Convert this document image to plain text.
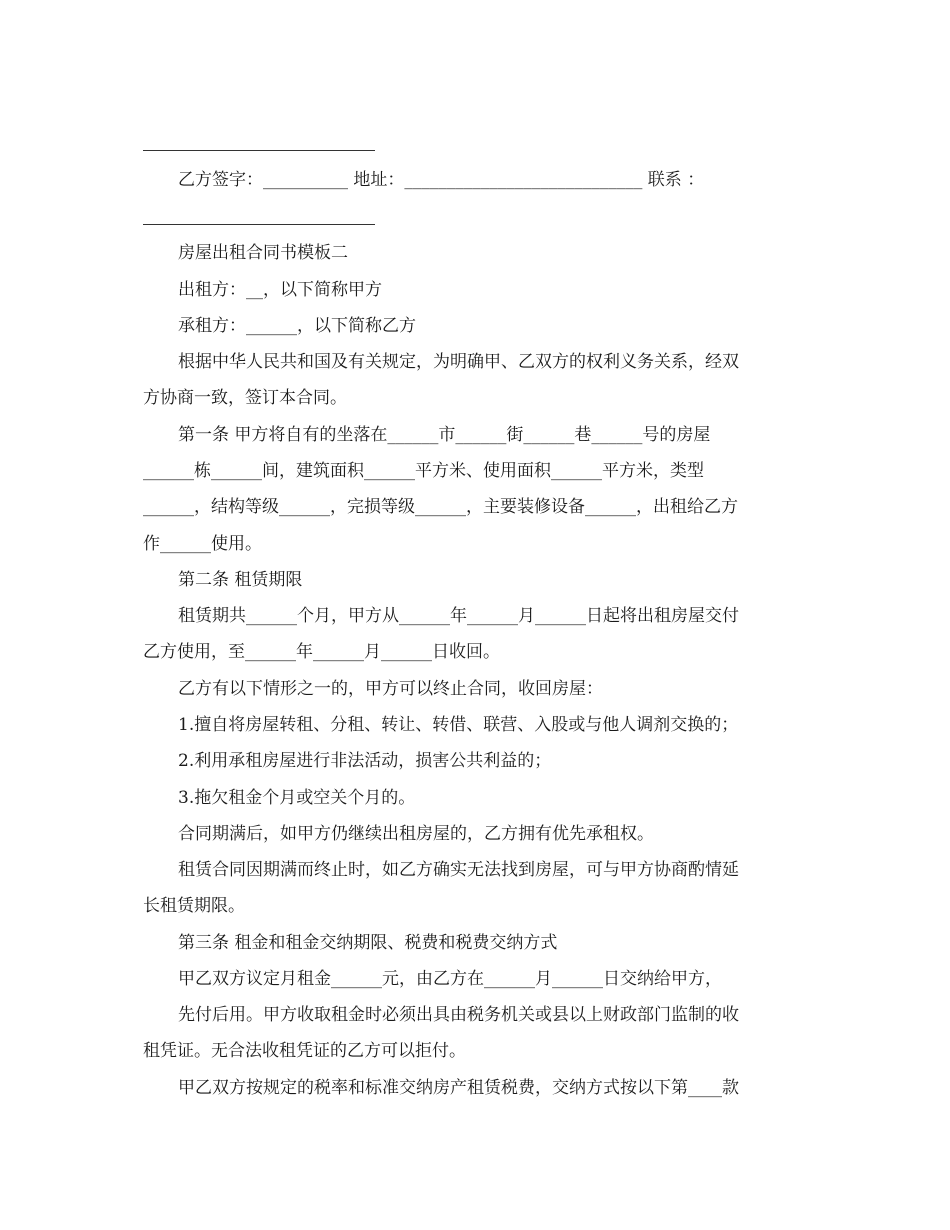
乙方签字：__________ 地址：____________________________ 联系 ：
房屋出租合同书模板二
出租方：__，以下简称甲方
承租方：______，以下简称乙方
根据中华人民共和国及有关规定，为明确甲、乙双方的权利义务关系，经双
方协商一致，签订本合同。
第一条 甲方将自有的坐落在______市______街______巷______号的房屋
______栋______间，建筑面积______平方米、使用面积______平方米，类型
______，结构等级______，完损等级______，主要装修设备______，出租给乙方
作______使用。
第二条 租赁期限
租赁期共______个月，甲方从______年______月______日起将出租房屋交付
乙方使用，至______年______月______日收回。
乙方有以下情形之一的，甲方可以终止合同，收回房屋：
1.擅自将房屋转租、分租、转让、转借、联营、入股或与他人调剂交换的；
2.利用承租房屋进行非法活动，损害公共利益的；
3.拖欠租金个月或空关个月的。
合同期满后，如甲方仍继续出租房屋的，乙方拥有优先承租权。
租赁合同因期满而终止时，如乙方确实无法找到房屋，可与甲方协商酌情延
长租赁期限。
第三条 租金和租金交纳期限、税费和税费交纳方式
甲乙双方议定月租金______元，由乙方在______月______日交纳给甲方，
先付后用。甲方收取租金时必须出具由税务机关或县以上财政部门监制的收
租凭证。无合法收租凭证的乙方可以拒付。
甲乙双方按规定的税率和标准交纳房产租赁税费，交纳方式按以下第____款
